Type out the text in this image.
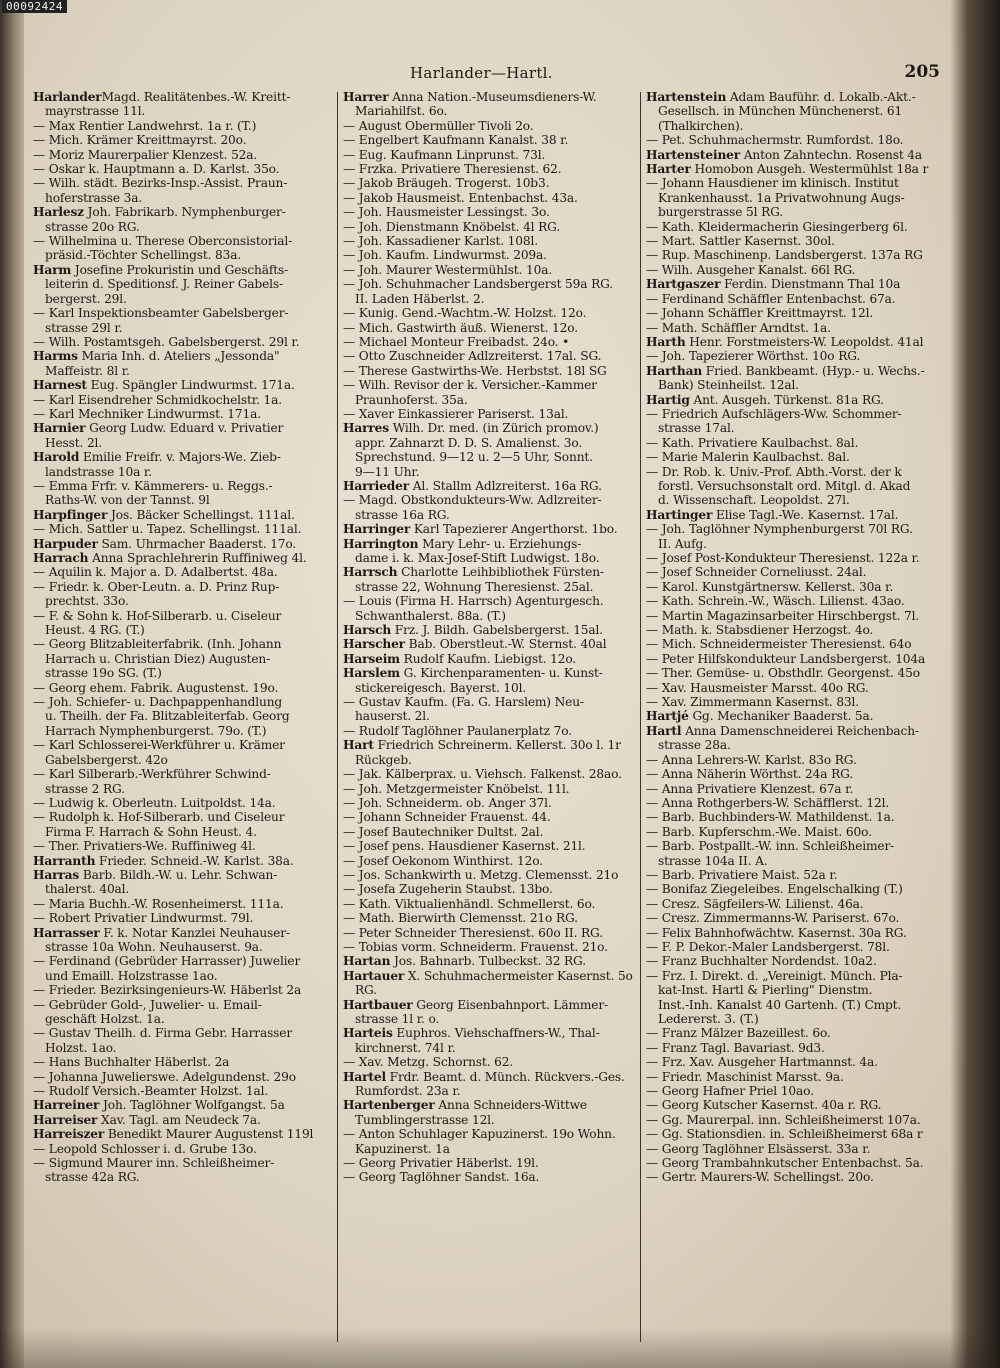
00092424
Harlander—Hartl.	205
HarlanderMagd. Realitätenbes.-W. Kreitt-
mayrstrasse 11l.
— Max Rentier Landwehrst. 1a r. (T.)
— Mich. Krämer Kreittmayrst. 20o.
— Moriz Maurerpalier Klenzest. 52a.
— Oskar k. Hauptmann a. D. Karlst. 35o.
— Wilh. städt. Bezirks-Insp.-Assist. Praun-
hoferstrasse 3a.
Harlesz Joh. Fabrikarb. Nymphenburger-
strasse 20o RG.
— Wilhelmina u. Therese Oberconsistorial-
präsid.-Töchter Schellingst. 83a.
Harm Josefine Prokuristin und Geschäfts-
leiterin d. Speditionsf. J. Reiner Gabels-
bergerst. 29l.
— Karl Inspektionsbeamter Gabelsberger-
strasse 29l r.
— Wilh. Postamtsgeh. Gabelsbergerst. 29l r.
Harms Maria Inh. d. Ateliers „Jessonda"
Maffeistr. 8l r.
Harnest Eug. Spängler Lindwurmst. 171a.
— Karl Eisendreher Schmidkochelstr. 1a.
— Karl Mechniker Lindwurmst. 171a.
Harnier Georg Ludw. Eduard v. Privatier
Hesst. 2l.
Harold Emilie Freifr. v. Majors-We. Zieb-
landstrasse 10a r.
— Emma Frfr. v. Kämmerers- u. Reggs.-
Raths-W. von der Tannst. 9l
Harpfinger Jos. Bäcker Schellingst. 111al.
— Mich. Sattler u. Tapez. Schellingst. 111al.
Harpuder Sam. Uhrmacher Baaderst. 17o.
Harrach Anna Sprachlehrerin Ruffiniweg 4l.
— Aquilin k. Major a. D. Adalbertst. 48a.
— Friedr. k. Ober-Leutn. a. D. Prinz Rup-
prechtst. 33o.
— F. & Sohn k. Hof-Silberarb. u. Ciseleur
Heust. 4 RG. (T.)
— Georg Blitzableiterfabrik. (Inh. Johann
Harrach u. Christian Diez) Augusten-
strasse 19o SG. (T.)
— Georg ehem. Fabrik. Augustenst. 19o.
— Joh. Schiefer- u. Dachpappenhandlung
u. Theilh. der Fa. Blitzableiterfab. Georg
Harrach Nymphenburgerst. 79o. (T.)
— Karl Schlosserei-Werkführer u. Krämer
Gabelsbergerst. 42o
— Karl Silberarb.-Werkführer Schwind-
strasse 2 RG.
— Ludwig k. Oberleutn. Luitpoldst. 14a.
— Rudolph k. Hof-Silberarb. und Ciseleur
Firma F. Harrach & Sohn Heust. 4.
— Ther. Privatiers-We. Ruffiniweg 4l.
Harranth Frieder. Schneid.-W. Karlst. 38a.
Harras Barb. Bildh.-W. u. Lehr. Schwan-
thalerst. 40al.
— Maria Buchh.-W. Rosenheimerst. 111a.
— Robert Privatier Lindwurmst. 79l.
Harrasser F. k. Notar Kanzlei Neuhauser-
strasse 10a Wohn. Neuhauserst. 9a.
— Ferdinand (Gebrüder Harrasser) Juwelier
und Emaill. Holzstrasse 1ao.
— Frieder. Bezirksingenieurs-W. Häberlst 2a
— Gebrüder Gold-, Juwelier- u. Email-
geschäft Holzst. 1a.
— Gustav Theilh. d. Firma Gebr. Harrasser
Holzst. 1ao.
— Hans Buchhalter Häberlst. 2a
— Johanna Juwelierswe. Adelgundenst. 29o
— Rudolf Versich.-Beamter Holzst. 1al.
Harreiner Joh. Taglöhner Wolfgangst. 5a
Harreiser Xav. Tagl. am Neudeck 7a.
Harreiszer Benedikt Maurer Augustenst 119l
— Leopold Schlosser i. d. Grube 13o.
— Sigmund Maurer inn. Schleißheimer-
strasse 42a RG.
Harrer Anna Nation.-Museumsdieners-W.
Mariahilfst. 6o.
— August Obermüller Tivoli 2o.
— Engelbert Kaufmann Kanalst. 38 r.
— Eug. Kaufmann Linprunst. 73l.
— Frzka. Privatiere Theresienst. 62.
— Jakob Bräugeh. Trogerst. 10b3.
— Jakob Hausmeist. Entenbachst. 43a.
— Joh. Hausmeister Lessingst. 3o.
— Joh. Dienstmann Knöbelst. 4l RG.
— Joh. Kassadiener Karlst. 108l.
— Joh. Kaufm. Lindwurmst. 209a.
— Joh. Maurer Westermühlst. 10a.
— Joh. Schuhmacher Landsbergerst 59a RG.
II. Laden Häberlst. 2.
— Kunig. Gend.-Wachtm.-W. Holzst. 12o.
— Mich. Gastwirth äuß. Wienerst. 12o.
— Michael Monteur Freibadst. 24o. •
— Otto Zuschneider Adlzreiterst. 17al. SG.
— Therese Gastwirths-We. Herbstst. 18l SG
— Wilh. Revisor der k. Versicher.-Kammer
Praunhoferst. 35a.
— Xaver Einkassierer Pariserst. 13al.
Harres Wilh. Dr. med. (in Zürich promov.)
appr. Zahnarzt D. D. S. Amalienst. 3o.
Sprechstund. 9—12 u. 2—5 Uhr, Sonnt.
9—11 Uhr.
Harrieder Al. Stallm Adlzreiterst. 16a RG.
— Magd. Obstkondukteurs-Ww. Adlzreiter-
strasse 16a RG.
Harringer Karl Tapezierer Angerthorst. 1bo.
Harrington Mary Lehr- u. Erziehungs-
dame i. k. Max-Josef-Stift Ludwigst. 18o.
Harrsch Charlotte Leihbibliothek Fürsten-
strasse 22, Wohnung Theresienst. 25al.
— Louis (Firma H. Harrsch) Agenturgesch.
Schwanthalerst. 88a. (T.)
Harsch Frz. J. Bildh. Gabelsbergerst. 15al.
Harscher Bab. Oberstleut.-W. Sternst. 40al
Harseim Rudolf Kaufm. Liebigst. 12o.
Harslem G. Kirchenparamenten- u. Kunst-
stickereigesch. Bayerst. 10l.
— Gustav Kaufm. (Fa. G. Harslem) Neu-
hauserst. 2l.
— Rudolf Taglöhner Paulanerplatz 7o.
Hart Friedrich Schreinerm. Kellerst. 30o l. 1r
Rückgeb.
— Jak. Kälberprax. u. Viehsch. Falkenst. 28ao.
— Joh. Metzgermeister Knöbelst. 11l.
— Joh. Schneiderm. ob. Anger 37l.
— Johann Schneider Frauenst. 44.
— Josef Bautechniker Dultst. 2al.
— Josef pens. Hausdiener Kasernst. 21l.
— Josef Oekonom Winthirst. 12o.
— Jos. Schankwirth u. Metzg. Clemensst. 21o
— Josefa Zugeherin Staubst. 13bo.
— Kath. Viktualienhändl. Schmellerst. 6o.
— Math. Bierwirth Clemensst. 21o RG.
— Peter Schneider Theresienst. 60o II. RG.
— Tobias vorm. Schneiderm. Frauenst. 21o.
Hartan Jos. Bahnarb. Tulbeckst. 32 RG.
Hartauer X. Schuhmachermeister Kasernst. 5o
RG.
Hartbauer Georg Eisenbahnport. Lämmer-
strasse 1l r. o.
Harteis Euphros. Viehschaffners-W., Thal-
kirchnerst. 74l r.
— Xav. Metzg. Schornst. 62.
Hartel Frdr. Beamt. d. Münch. Rückvers.-Ges.
Rumfordst. 23a r.
Hartenberger Anna Schneiders-Wittwe
Tumblingerstrasse 12l.
— Anton Schuhlager Kapuzinerst. 19o Wohn.
Kapuzinerst. 1a
— Georg Privatier Häberlst. 19l.
— Georg Taglöhner Sandst. 16a.
Hartenstein Adam Bauführ. d. Lokalb.-Akt.-
Gesellsch. in München Münchenerst. 61
(Thalkirchen).
— Pet. Schuhmachermstr. Rumfordst. 18o.
Hartensteiner Anton Zahntechn. Rosenst 4a
Harter Homobon Ausgeh. Westermühlst 18a r
— Johann Hausdiener im klinisch. Institut
Krankenhausst. 1a Privatwohnung Augs-
burgerstrasse 5l RG.
— Kath. Kleidermacherin Giesingerberg 6l.
— Mart. Sattler Kasernst. 30ol.
— Rup. Maschinenp. Landsbergerst. 137a RG
— Wilh. Ausgeher Kanalst. 66l RG.
Hartgaszer Ferdin. Dienstmann Thal 10a
— Ferdinand Schäffler Entenbachst. 67a.
— Johann Schäffler Kreittmayrst. 12l.
— Math. Schäffler Arndtst. 1a.
Harth Henr. Forstmeisters-W. Leopoldst. 41al
— Joh. Tapezierer Wörthst. 10o RG.
Harthan Fried. Bankbeamt. (Hyp.- u. Wechs.-
Bank) Steinheilst. 12al.
Hartig Ant. Ausgeh. Türkenst. 81a RG.
— Friedrich Aufschlägers-Ww. Schommer-
strasse 17al.
— Kath. Privatiere Kaulbachst. 8al.
— Marie Malerin Kaulbachst. 8al.
— Dr. Rob. k. Univ.-Prof. Abth.-Vorst. der k
forstl. Versuchsonstalt ord. Mitgl. d. Akad
d. Wissenschaft. Leopoldst. 27l.
Hartinger Elise Tagl.-We. Kasernst. 17al.
— Joh. Taglöhner Nymphenburgerst 70l RG.
II. Aufg.
— Josef Post-Kondukteur Theresienst. 122a r.
— Josef Schneider Corneliusst. 24al.
— Karol. Kunstgärtnersw. Kellerst. 30a r.
— Kath. Schrein.-W., Wäsch. Lilienst. 43ao.
— Martin Magazinsarbeiter Hirschbergst. 7l.
— Math. k. Stabsdiener Herzogst. 4o.
— Mich. Schneidermeister Theresienst. 64o
— Peter Hilfskondukteur Landsbergerst. 104a
— Ther. Gemüse- u. Obsthdlr. Georgenst. 45o
— Xav. Hausmeister Marsst. 40o RG.
— Xav. Zimmermann Kasernst. 83l.
Hartjé Gg. Mechaniker Baaderst. 5a.
Hartl Anna Damenschneiderei Reichenbach-
strasse 28a.
— Anna Lehrers-W. Karlst. 83o RG.
— Anna Näherin Wörthst. 24a RG.
— Anna Privatiere Klenzest. 67a r.
— Anna Rothgerbers-W. Schäfflerst. 12l.
— Barb. Buchbinders-W. Mathildenst. 1a.
— Barb. Kupferschm.-We. Maist. 60o.
— Barb. Postpallt.-W. inn. Schleißheimer-
strasse 104a II. A.
— Barb. Privatiere Maist. 52a r.
— Bonifaz Ziegeleibes. Engelschalking (T.)
— Cresz. Sägfeilers-W. Lilienst. 46a.
— Cresz. Zimmermanns-W. Pariserst. 67o.
— Felix Bahnhofwächtw. Kasernst. 30a RG.
— F. P. Dekor.-Maler Landsbergerst. 78l.
— Franz Buchhalter Nordendst. 10a2.
— Frz. I. Direkt. d. „Vereinigt. Münch. Pla-
kat-Inst. Hartl & Pierling" Dienstm.
Inst.-Inh. Kanalst 40 Gartenh. (T.) Cmpt.
Ledererst. 3. (T.)
— Franz Mälzer Bazeillest. 6o.
— Franz Tagl. Bavariast. 9d3.
— Frz. Xav. Ausgeher Hartmannst. 4a.
— Friedr. Maschinist Marsst. 9a.
— Georg Hafner Priel 10ao.
— Georg Kutscher Kasernst. 40a r. RG.
— Gg. Maurerpal. inn. Schleißheimerst 107a.
— Gg. Stationsdien. in. Schleißheimerst 68a r
— Georg Taglöhner Elsässerst. 33a r.
— Georg Trambahnkutscher Entenbachst. 5a.
— Gertr. Maurers-W. Schellingst. 20o.
